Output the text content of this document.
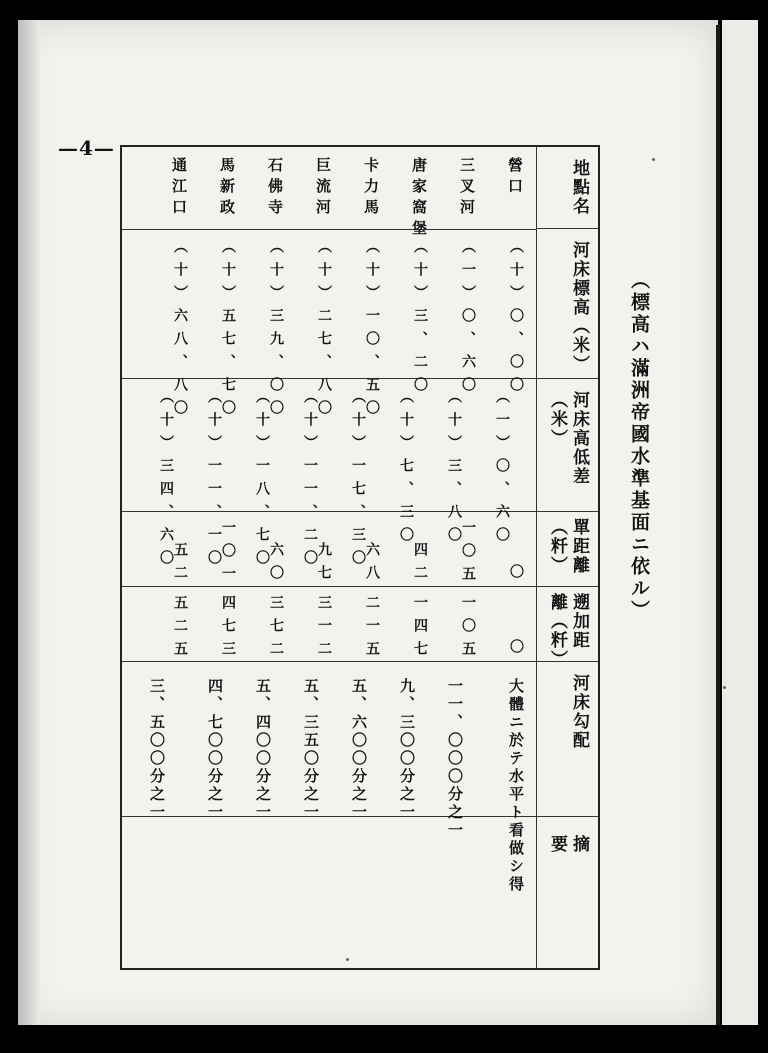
—4—
（標高ハ滿洲帝國水準基面ニ依ル）
地點名
營口
三叉河
唐家窩堡
卡力馬
巨流河
石佛寺
馬新政
通江口
河床標高（米）
（十）〇、〇〇
（一）〇、六〇
（十）三、二〇
（十）一〇、五〇
（十）二七、八〇
（十）三九、〇〇
（十）五七、七〇
（十）六八、八〇
河床高低差（米）
（一）〇、六〇
（十）三、八〇
（十）七、三〇
（十）一七、三〇
（十）一一、二〇
（十）一八、七〇
（十）一一、一〇
（十）三四、六〇	單距離（粁）
〇
一〇五
四二
六八
九七
六〇
一〇一
五二
遡加距離（粁）
〇
一〇五
一四七
二一五
三一二
三七二
四七三
五二五
河床勾配
大體ニ於テ水平ト看做シ得
一一、〇〇〇分之一
九、三〇〇分之一
五、六〇〇分之一
五、三五〇分之一
五、四〇〇分之一
四、七〇〇分之一
三、五〇〇分之一
摘要
